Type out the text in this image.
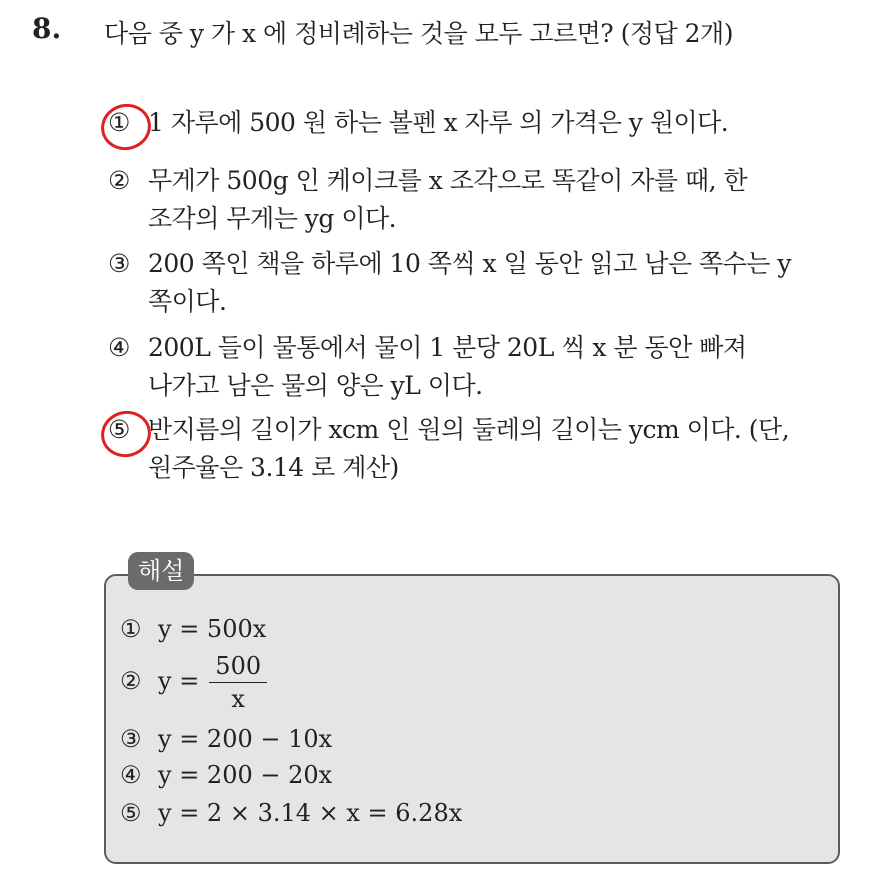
8. 다음 중 y 가 x 에 정비례하는 것을 모두 고르면? (정답 2개)
① 1 자루에 500 원 하는 볼펜 x 자루 의 가격은 y 원이다.
② 무게가 500g 인 케이크를 x 조각으로 똑같이 자를 때, 한
조각의 무게는 yg 이다.
③ 200 쪽인 책을 하루에 10 쪽씩 x 일 동안 읽고 남은 쪽수는 y
쪽이다.
④ 200L 들이 물통에서 물이 1 분당 20L 씩 x 분 동안 빠져
나가고 남은 물의 양은 yL 이다.
⑤ 반지름의 길이가 xcm 인 원의 둘레의 길이는 ycm 이다. (단,
원주율은 3.14 로 계산)
해설
① y = 500x
② $y = \frac{500}{x}$
③ y = 200 − 10x
④ y = 200 − 20x
⑤ y = 2 × 3.14 × x = 6.28x
